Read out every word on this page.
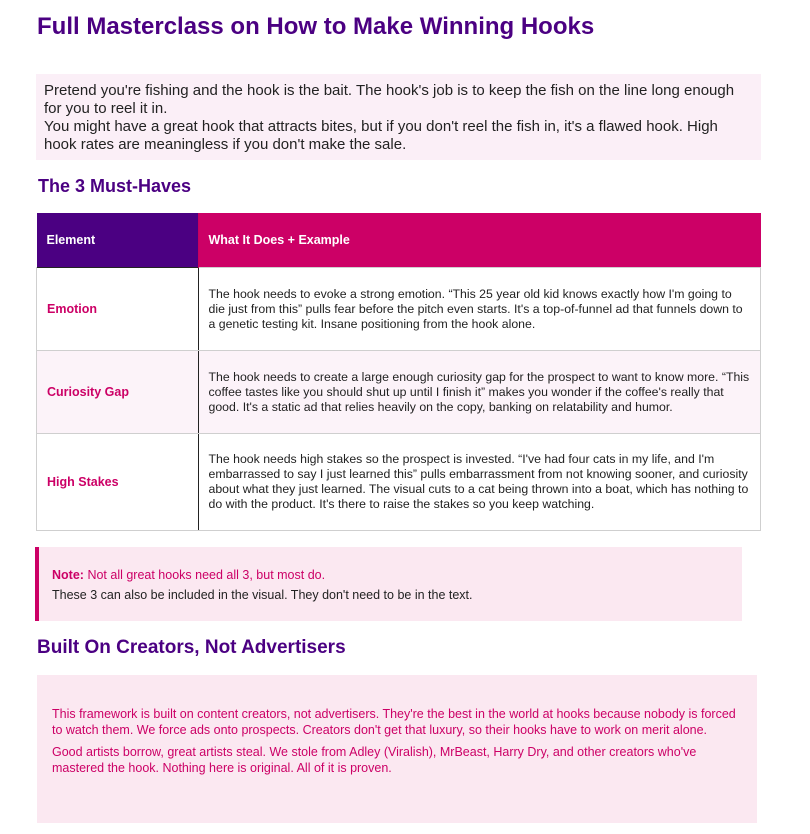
Full Masterclass on How to Make Winning Hooks

Pretend you're fishing and the hook is the bait. The hook's job is to keep the fish on the line long enough for you to reel it in.

You might have a great hook that attracts bites, but if you don't reel the fish in, it's a flawed hook. High hook rates are meaningless if you don't make the sale.

The 3 Must-Haves
Element	What It Does + Example
Emotion	The hook needs to evoke a strong emotion. “This 25 year old kid knows exactly how I'm going to die just from this” pulls fear before the pitch even starts. It's a top-of-funnel ad that funnels down to a genetic testing kit. Insane positioning from the hook alone.
Curiosity Gap	The hook needs to create a large enough curiosity gap for the prospect to want to know more. “This coffee tastes like you should shut up until I finish it” makes you wonder if the coffee's really that good. It's a static ad that relies heavily on the copy, banking on relatability and humor.
High Stakes	The hook needs high stakes so the prospect is invested. “I've had four cats in my life, and I'm embarrassed to say I just learned this” pulls embarrassment from not knowing sooner, and curiosity about what they just learned. The visual cuts to a cat being thrown into a boat, which has nothing to do with the product. It's there to raise the stakes so you keep watching.
Note: Not all great hooks need all 3, but most do.
These 3 can also be included in the visual. They don't need to be in the text.
Built On Creators, Not Advertisers

This framework is built on content creators, not advertisers. They're the best in the world at hooks because nobody is forced to watch them. We force ads onto prospects. Creators don't get that luxury, so their hooks have to work on merit alone.

Good artists borrow, great artists steal. We stole from Adley (Viralish), MrBeast, Harry Dry, and other creators who've mastered the hook. Nothing here is original. All of it is proven.
